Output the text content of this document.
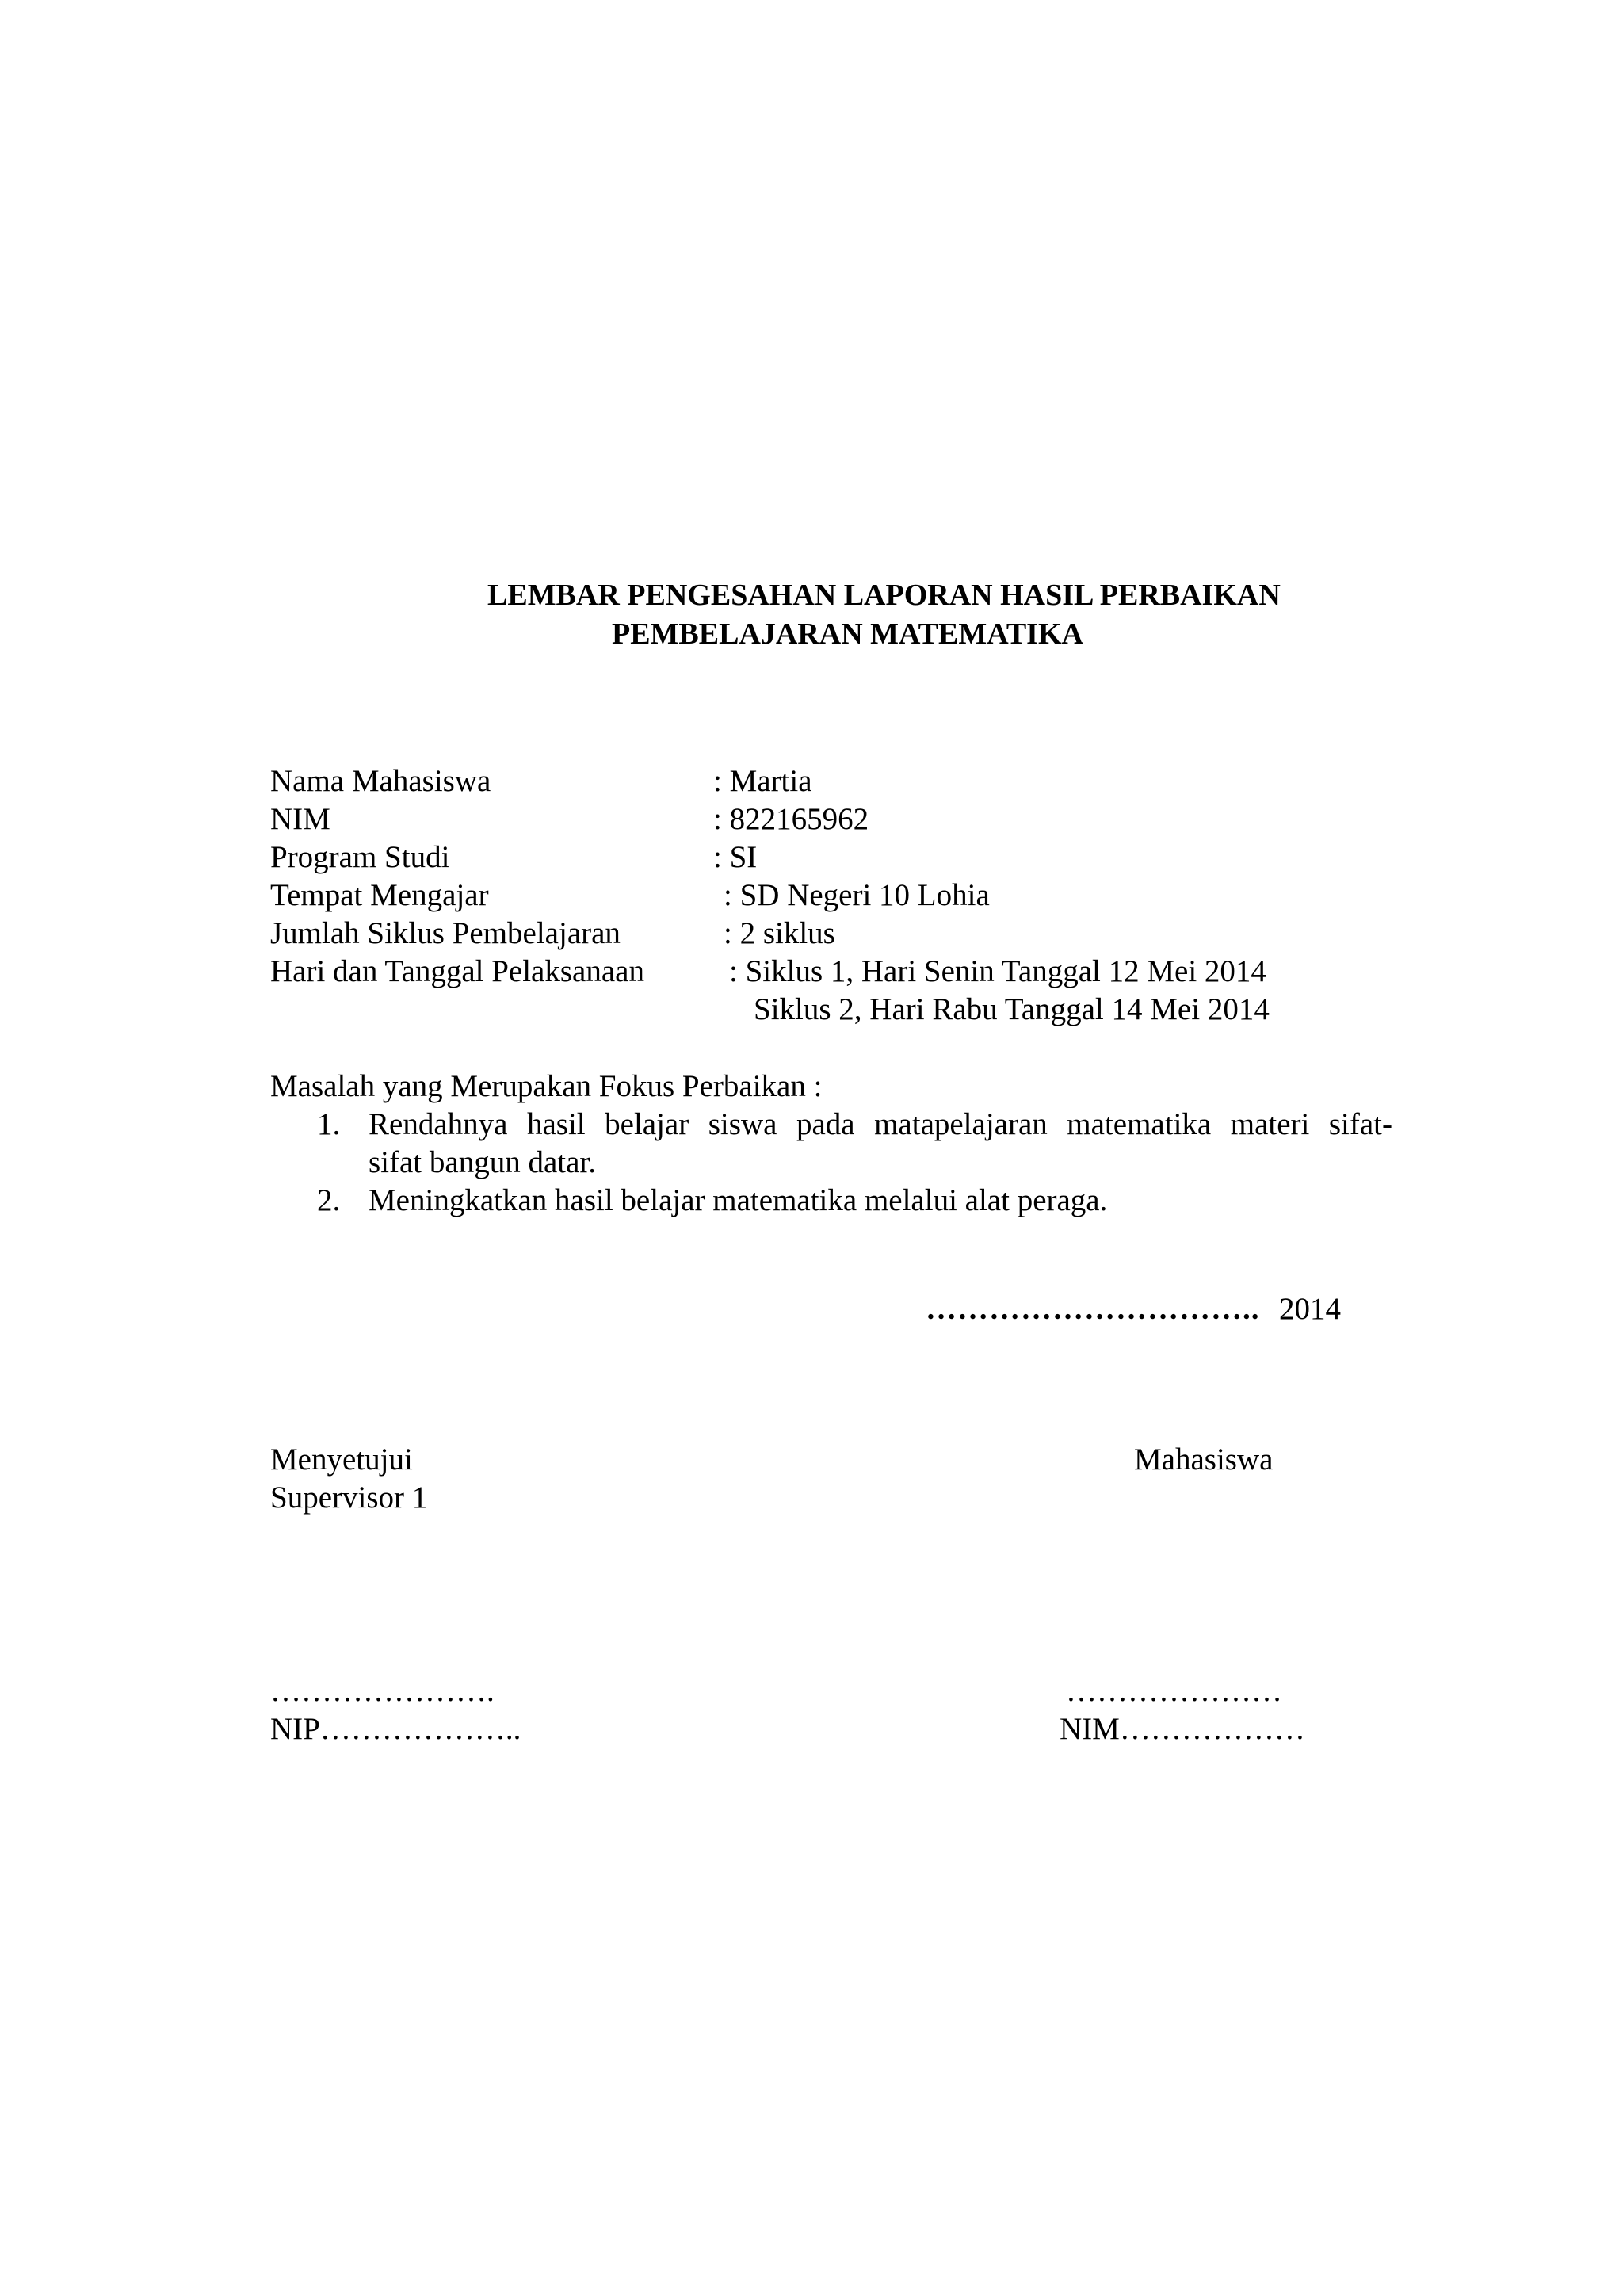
LEMBAR PENGESAHAN LAPORAN HASIL PERBAIKAN
PEMBELAJARAN MATEMATIKA
Nama Mahasiswa	: Martia
NIM	: 822165962
Program Studi	: SI
Tempat Mengajar	: SD Negeri 10 Lohia
Jumlah Siklus Pembelajaran	: 2 siklus
Hari dan Tanggal Pelaksanaan	: Siklus 1, Hari Senin Tanggal 12 Mei 2014
Siklus 2, Hari Rabu Tanggal 14 Mei 2014
Masalah yang Merupakan Fokus Perbaikan :
1. Rendahnya hasil belajar siswa pada matapelajaran matematika materi sifat-
sifat bangun datar.
2. Meningkatkan hasil belajar matematika melalui alat peraga.
………………………….. 2014
Menyetujui
Supervisor 1
Mahasiswa
………………….
NIP………………..
…………………
NIM………………
